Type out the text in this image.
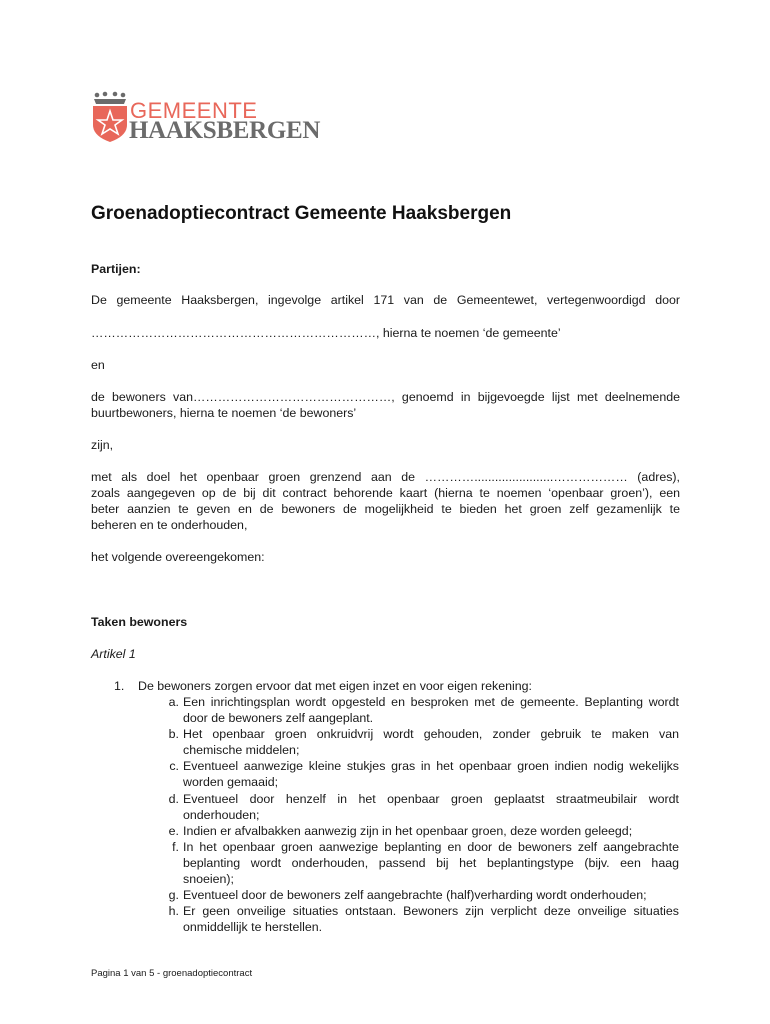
GEMEENTE
HAAKSBERGEN
Groenadoptiecontract Gemeente Haaksbergen
Partijen:
De gemeente Haaksbergen, ingevolge artikel 171 van de Gemeentewet, vertegenwoordigd door
……………………………………………………………, hierna te noemen ‘de gemeente’
en
de bewoners van…………………………………………, genoemd in bijgevoegde lijst met deelnemende
buurtbewoners, hierna te noemen ‘de bewoners’
zijn,
met als doel het openbaar groen grenzend aan de ………….......................……………… (adres),
zoals aangegeven op de bij dit contract behorende kaart (hierna te noemen ‘openbaar groen’), een
beter aanzien te geven en de bewoners de mogelijkheid te bieden het groen zelf gezamenlijk te
beheren en te onderhouden,
het volgende overeengekomen:
Taken bewoners
Artikel 1
1. De bewoners zorgen ervoor dat met eigen inzet en voor eigen rekening:
a. Een inrichtingsplan wordt opgesteld en besproken met de gemeente. Beplanting wordt
door de bewoners zelf aangeplant.
b. Het openbaar groen onkruidvrij wordt gehouden, zonder gebruik te maken van
chemische middelen;
c. Eventueel aanwezige kleine stukjes gras in het openbaar groen indien nodig wekelijks
worden gemaaid;
d. Eventueel door henzelf in het openbaar groen geplaatst straatmeubilair wordt
onderhouden;
e. Indien er afvalbakken aanwezig zijn in het openbaar groen, deze worden geleegd;
f. In het openbaar groen aanwezige beplanting en door de bewoners zelf aangebrachte
beplanting wordt onderhouden, passend bij het beplantingstype (bijv. een haag
snoeien);
g. Eventueel door de bewoners zelf aangebrachte (half)verharding wordt onderhouden;
h. Er geen onveilige situaties ontstaan. Bewoners zijn verplicht deze onveilige situaties
onmiddellijk te herstellen.
Pagina 1 van 5 - groenadoptiecontract
